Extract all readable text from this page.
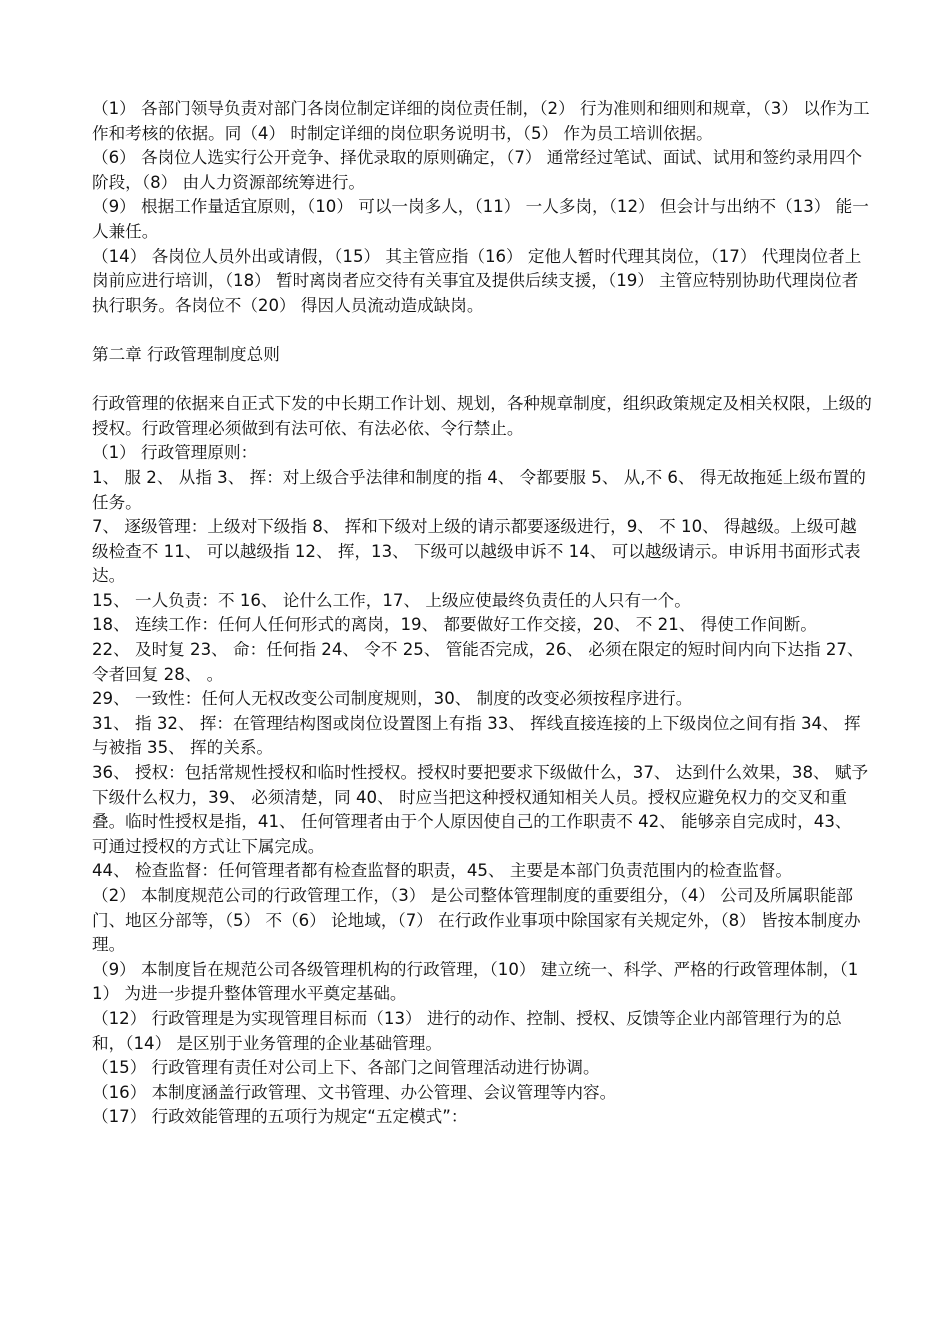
（1） 各部门领导负责对部门各岗位制定详细的岗位责任制，（2） 行为准则和细则和规章，（3） 以作为工作和考核的依据。同（4） 时制定详细的岗位职务说明书，（5） 作为员工培训依据。

（6） 各岗位人选实行公开竞争、择优录取的原则确定，（7） 通常经过笔试、面试、试用和签约录用四个阶段，（8） 由人力资源部统筹进行。

（9） 根据工作量适宜原则，（10） 可以一岗多人，（11） 一人多岗，（12） 但会计与出纳不（13） 能一人兼任。

（14） 各岗位人员外出或请假，（15） 其主管应指（16） 定他人暂时代理其岗位，（17） 代理岗位者上岗前应进行培训，（18） 暂时离岗者应交待有关事宜及提供后续支援，（19） 主管应特别协助代理岗位者执行职务。各岗位不（20） 得因人员流动造成缺岗。

第二章 行政管理制度总则

行政管理的依据来自正式下发的中长期工作计划、规划，各种规章制度，组织政策规定及相关权限，上级的授权。行政管理必须做到有法可依、有法必依、令行禁止。

（1） 行政管理原则：

1、 服 2、 从指 3、 挥：对上级合乎法律和制度的指 4、 令都要服 5、 从,不 6、 得无故拖延上级布置的任务。

7、 逐级管理：上级对下级指 8、 挥和下级对上级的请示都要逐级进行，9、 不 10、 得越级。上级可越级检查不 11、 可以越级指 12、 挥，13、 下级可以越级申诉不 14、 可以越级请示。申诉用书面形式表达。

15、 一人负责：不 16、 论什么工作，17、 上级应使最终负责任的人只有一个。

18、 连续工作：任何人任何形式的离岗，19、 都要做好工作交接，20、 不 21、 得使工作间断。

22、 及时复 23、 命：任何指 24、 令不 25、 管能否完成，26、 必须在限定的短时间内向下达指 27、 令者回复 28、 。

29、 一致性：任何人无权改变公司制度规则，30、 制度的改变必须按程序进行。

31、 指 32、 挥：在管理结构图或岗位设置图上有指 33、 挥线直接连接的上下级岗位之间有指 34、 挥与被指 35、 挥的关系。

36、 授权：包括常规性授权和临时性授权。授权时要把要求下级做什么，37、 达到什么效果，38、 赋予下级什么权力，39、 必须清楚，同 40、 时应当把这种授权通知相关人员。授权应避免权力的交叉和重叠。临时性授权是指，41、 任何管理者由于个人原因使自己的工作职责不 42、 能够亲自完成时，43、 可通过授权的方式让下属完成。

44、 检查监督：任何管理者都有检查监督的职责，45、 主要是本部门负责范围内的检查监督。

（2） 本制度规范公司的行政管理工作，（3） 是公司整体管理制度的重要组分，（4） 公司及所属职能部门、地区分部等，（5） 不（6） 论地域，（7） 在行政作业事项中除国家有关规定外，（8） 皆按本制度办理。

（9） 本制度旨在规范公司各级管理机构的行政管理，（10） 建立统一、科学、严格的行政管理体制，（11） 为进一步提升整体管理水平奠定基础。

（12） 行政管理是为实现管理目标而（13） 进行的动作、控制、授权、反馈等企业内部管理行为的总和，（14） 是区别于业务管理的企业基础管理。

（15） 行政管理有责任对公司上下、各部门之间管理活动进行协调。

（16） 本制度涵盖行政管理、文书管理、办公管理、会议管理等内容。

（17） 行政效能管理的五项行为规定“五定模式”：
